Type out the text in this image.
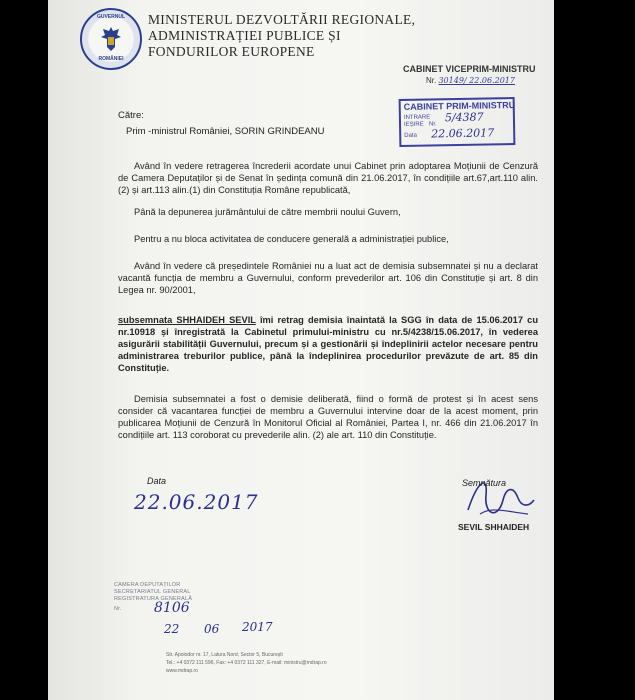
GUVERNUL
ROMÂNIEI
MINISTERUL DEZVOLTĂRII REGIONALE,
ADMINISTRAȚIEI PUBLICE ȘI
FONDURILOR EUROPENE
CABINET VICEPRIM-MINISTRU
Nr. 30149/ 22.06.2017
CABINET PRIM-MINISTRU
INTRARE
IEȘIRE Nr.
Data
5/4387
22.06.2017
Către:
Prim -ministrul României, SORIN GRINDEANU
Având în vedere retragerea încrederii acordate unui Cabinet prin adoptarea Moțiunii de Cenzură de Camera Deputaților și de Senat în ședința comună din 21.06.2017, în condițiile art.67,art.110 alin.(2) și art.113 alin.(1) din Constituția Române republicată,
Până la depunerea jurământului de către membrii noului Guvern,
Pentru a nu bloca activitatea de conducere generală a administrației publice,
Având în vedere că președintele României nu a luat act de demisia subsemnatei și nu a declarat vacantă funcția de membru a Guvernului, conform prevederilor art. 106 din Constituție și art. 8 din Legea nr. 90/2001,
subsemnata SHHAIDEH SEVIL îmi retrag demisia înaintată la SGG în data de 15.06.2017 cu nr.10918 și înregistrată la Cabinetul primului-ministru cu nr.5/4238/15.06.2017, în vederea asigurării stabilității Guvernului, precum și a gestionării și îndeplinirii actelor necesare pentru administrarea treburilor publice, până la îndeplinirea procedurilor prevăzute de art. 85 din Constituție.
Demisia subsemnatei a fost o demisie deliberată, fiind o formă de protest și în acest sens consider că vacantarea funcției de membru a Guvernului intervine doar de la acest moment, prin publicarea Moțiunii de Cenzură în Monitorul Oficial al României, Partea I, nr. 466 din 21.06.2017 în condițiile art. 113 coroborat cu prevederile alin. (2) ale art. 110 din Constituție.
Data
22.06.2017
Semnătura
SEVIL SHHAIDEH
CAMERA DEPUTAȚILOR
SECRETARIATUL GENERAL
REGISTRATURA GENERALĂ
Nr. 8106
22 06 2017
Str. Apolodor nr. 17, Latura Nord, Sector 5, București
Tel.: +4 0372 111 596, Fax: +4 0372 111 327, E-mail: ministru@mdrap.ro
www.mdrap.ro
